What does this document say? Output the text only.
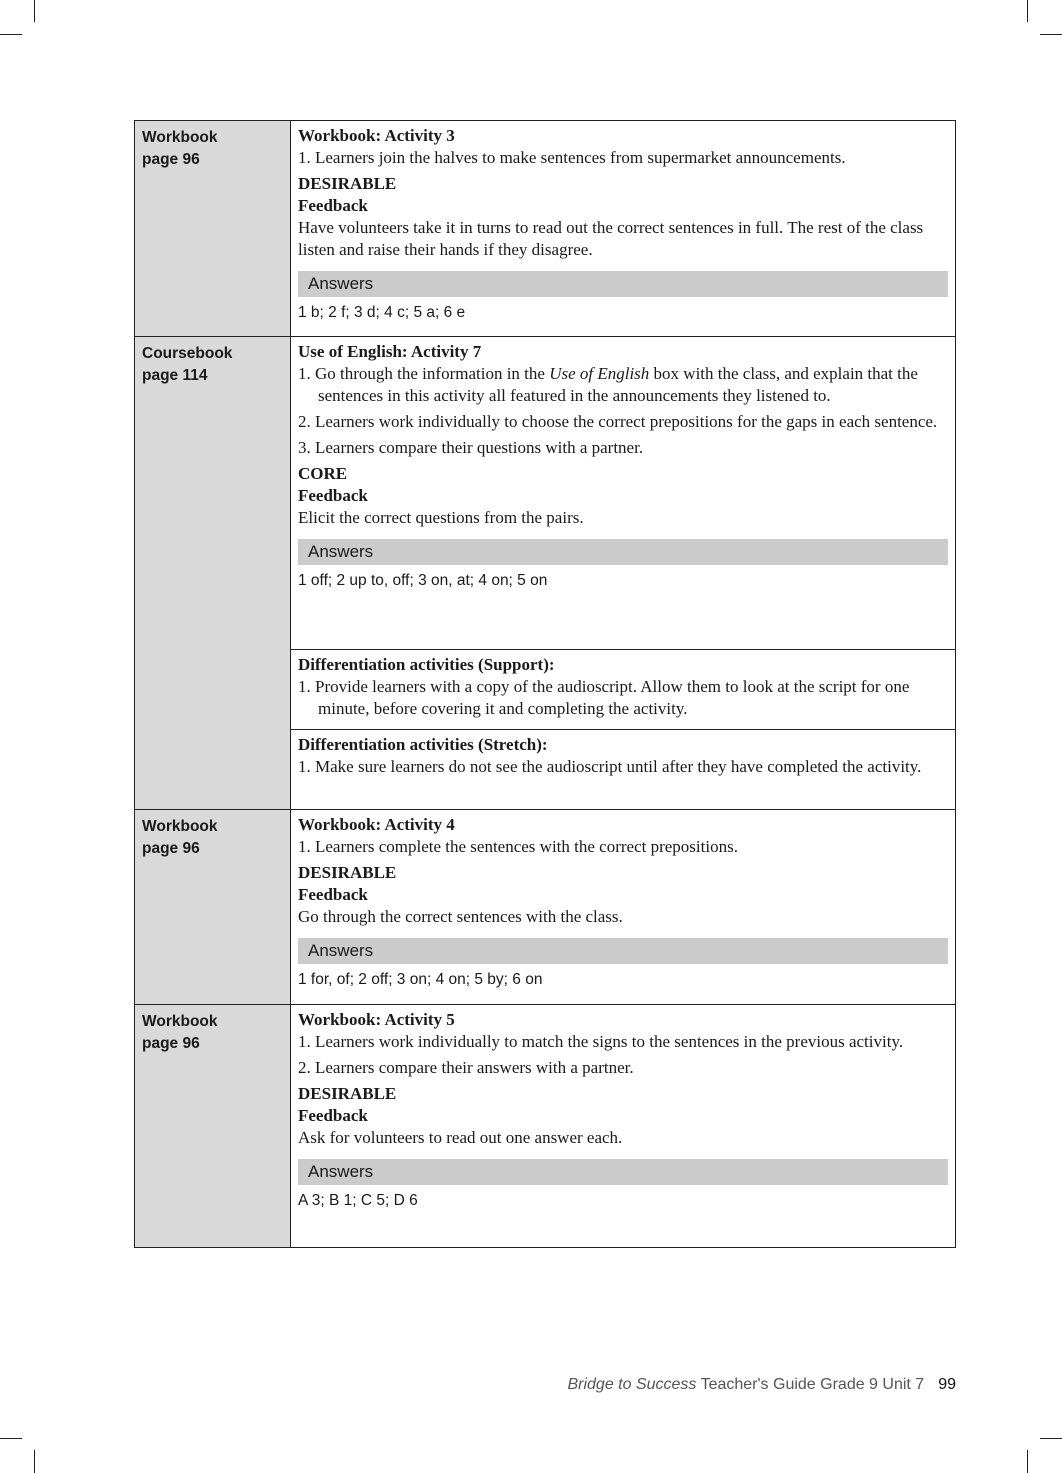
Workbook
page 96
Workbook: Activity 3
1. Learners join the halves to make sentences from supermarket announcements.
DESIRABLE
Feedback
Have volunteers take it in turns to read out the correct sentences in full. The rest of the class listen and raise their hands if they disagree.
Answers
1 b; 2 f; 3 d; 4 c; 5 a; 6 e
Coursebook
page 114
Use of English: Activity 7
1. Go through the information in the Use of English box with the class, and explain that the sentences in this activity all featured in the announcements they listened to.
2. Learners work individually to choose the correct prepositions for the gaps in each sentence.
3. Learners compare their questions with a partner.
CORE
Feedback
Elicit the correct questions from the pairs.
Answers
1 off; 2 up to, off; 3 on, at; 4 on; 5 on
Differentiation activities (Support):
1. Provide learners with a copy of the audioscript. Allow them to look at the script for one minute, before covering it and completing the activity.
Differentiation activities (Stretch):
1. Make sure learners do not see the audioscript until after they have completed the activity.
Workbook
page 96
Workbook: Activity 4
1. Learners complete the sentences with the correct prepositions.
DESIRABLE
Feedback
Go through the correct sentences with the class.
Answers
1 for, of; 2 off; 3 on; 4 on; 5 by; 6 on
Workbook
page 96
Workbook: Activity 5
1. Learners work individually to match the signs to the sentences in the previous activity.
2. Learners compare their answers with a partner.
DESIRABLE
Feedback
Ask for volunteers to read out one answer each.
Answers
A 3; B 1; C 5; D 6
Bridge to Success Teacher's Guide Grade 9 Unit 7 99
